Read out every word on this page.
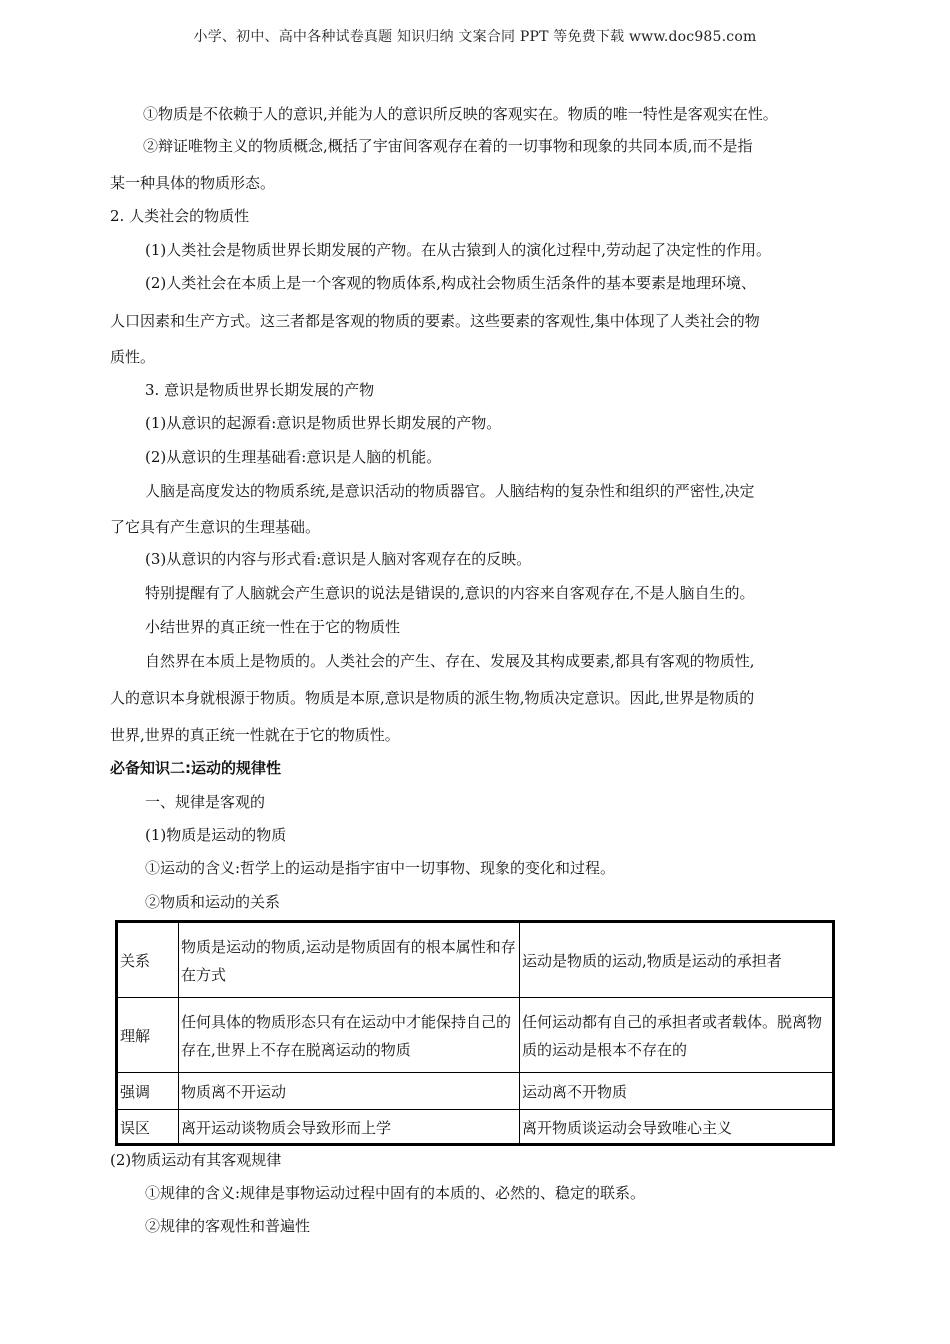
小学、初中、高中各种试卷真题 知识归纳 文案合同 PPT 等免费下载 www.doc985.com
①物质是不依赖于人的意识,并能为人的意识所反映的客观实在。物质的唯一特性是客观实在性。
②辩证唯物主义的物质概念,概括了宇宙间客观存在着的一切事物和现象的共同本质,而不是指
某一种具体的物质形态。
2. 人类社会的物质性
(1)人类社会是物质世界长期发展的产物。在从古猿到人的演化过程中,劳动起了决定性的作用。
(2)人类社会在本质上是一个客观的物质体系,构成社会物质生活条件的基本要素是地理环境、
人口因素和生产方式。这三者都是客观的物质的要素。这些要素的客观性,集中体现了人类社会的物
质性。
3. 意识是物质世界长期发展的产物
(1)从意识的起源看:意识是物质世界长期发展的产物。
(2)从意识的生理基础看:意识是人脑的机能。
人脑是高度发达的物质系统,是意识活动的物质器官。人脑结构的复杂性和组织的严密性,决定
了它具有产生意识的生理基础。
(3)从意识的内容与形式看:意识是人脑对客观存在的反映。
特别提醒有了人脑就会产生意识的说法是错误的,意识的内容来自客观存在,不是人脑自生的。
小结世界的真正统一性在于它的物质性
自然界在本质上是物质的。人类社会的产生、存在、发展及其构成要素,都具有客观的物质性,
人的意识本身就根源于物质。物质是本原,意识是物质的派生物,物质决定意识。因此,世界是物质的
世界,世界的真正统一性就在于它的物质性。
必备知识二:运动的规律性
一、规律是客观的
(1)物质是运动的物质
①运动的含义:哲学上的运动是指宇宙中一切事物、现象的变化和过程。
②物质和运动的关系
关系
物质是运动的物质,运动是物质固有的根本属性和存在方式
运动是物质的运动,物质是运动的承担者
理解
任何具体的物质形态只有在运动中才能保持自己的存在,世界上不存在脱离运动的物质
任何运动都有自己的承担者或者载体。脱离物质的运动是根本不存在的
强调 物质离不开运动	运动离不开物质
误区 离开运动谈物质会导致形而上学	离开物质谈运动会导致唯心主义
(2)物质运动有其客观规律
①规律的含义:规律是事物运动过程中固有的本质的、必然的、稳定的联系。
②规律的客观性和普遍性
